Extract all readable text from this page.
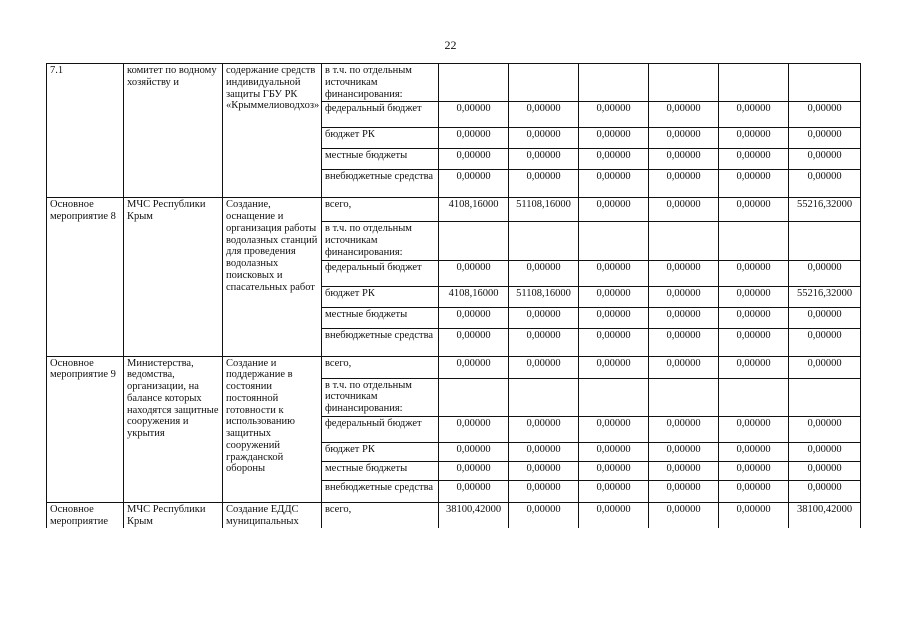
22
7.1	комитет по водному хозяйству и	содержание средств индивидуальной защиты ГБУ РК «Крыммелиоводхоз»	в т.ч. по отдельным источникам финансирования:						
			федеральный бюджет	0,00000	0,00000	0,00000	0,00000	0,00000	0,00000
			бюджет РК	0,00000	0,00000	0,00000	0,00000	0,00000	0,00000
			местные бюджеты	0,00000	0,00000	0,00000	0,00000	0,00000	0,00000
			внебюджетные средства	0,00000	0,00000	0,00000	0,00000	0,00000	0,00000
Основное мероприятие 8	МЧС Республики Крым	Создание, оснащение и организация работы водолазных станций для проведения водолазных поисковых и спасательных работ	всего,	4108,16000	51108,16000	0,00000	0,00000	0,00000	55216,32000
			в т.ч. по отдельным источникам финансирования:						
			федеральный бюджет	0,00000	0,00000	0,00000	0,00000	0,00000	0,00000
			бюджет РК	4108,16000	51108,16000	0,00000	0,00000	0,00000	55216,32000
			местные бюджеты	0,00000	0,00000	0,00000	0,00000	0,00000	0,00000
			внебюджетные средства	0,00000	0,00000	0,00000	0,00000	0,00000	0,00000
Основное мероприятие 9	Министерства, ведомства, организации, на балансе которых находятся защитные сооружения и укрытия	Создание и поддержание в состоянии постоянной готовности к использованию защитных сооружений гражданской обороны	всего,	0,00000	0,00000	0,00000	0,00000	0,00000	0,00000
			в т.ч. по отдельным источникам финансирования:						
			федеральный бюджет	0,00000	0,00000	0,00000	0,00000	0,00000	0,00000
			бюджет РК	0,00000	0,00000	0,00000	0,00000	0,00000	0,00000
			местные бюджеты	0,00000	0,00000	0,00000	0,00000	0,00000	0,00000
			внебюджетные средства	0,00000	0,00000	0,00000	0,00000	0,00000	0,00000
Основное мероприятие	МЧС Республики Крым	Создание ЕДДС муниципальных	всего,	38100,42000	0,00000	0,00000	0,00000	0,00000	38100,42000
